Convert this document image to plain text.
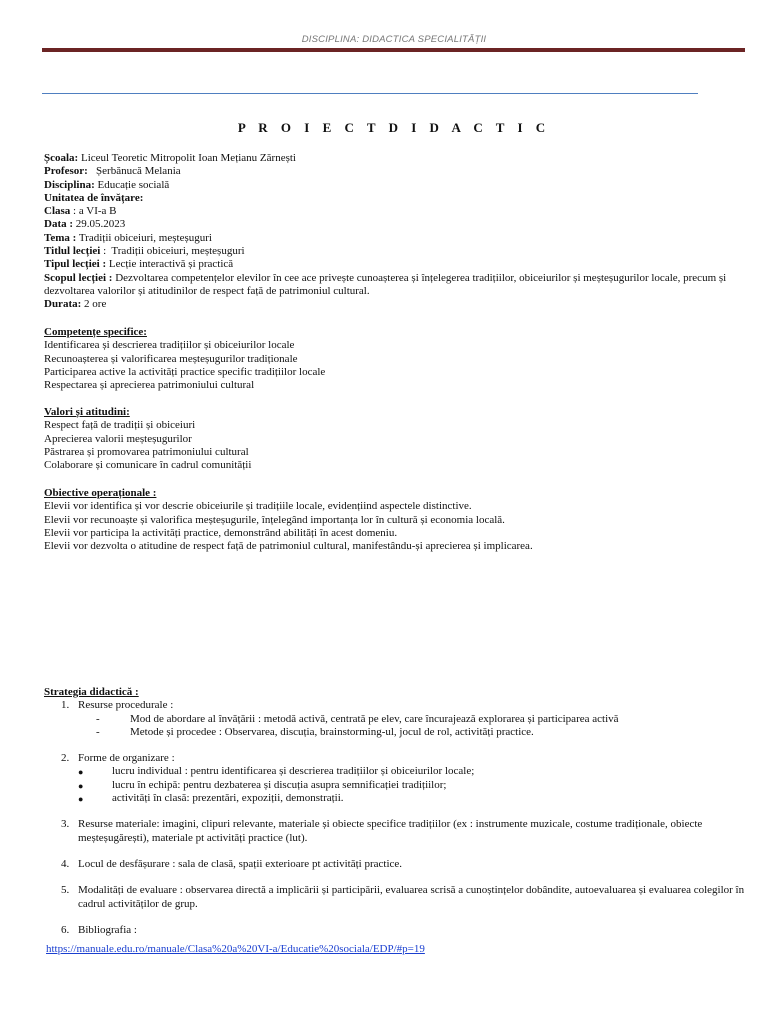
DISCIPLINA: DIDACTICA SPECIALITĂȚII
P R O I E C T D I D A C T I C
Școala: Liceul Teoretic Mitropolit Ioan Mețianu Zărnești
Profesor:   Șerbănucă Melania
Disciplina: Educație socială
Unitatea de învățare:
Clasa : a VI-a B
Data : 29.05.2023
Tema : Tradiții obiceiuri, meșteșuguri
Titlul lecției :  Tradiții obiceiuri, meșteșuguri
Tipul lecției : Lecție interactivă și practică
Scopul lecției : Dezvoltarea competențelor elevilor în cee ace privește cunoașterea și înțelegerea tradițiilor, obiceiurilor și meșteșugurilor locale, precum și dezvoltarea valorilor și atitudinilor de respect față de patrimoniul cultural.
Durata: 2 ore
Competențe specifice:
Identificarea și descrierea tradițiilor și obiceiurilor locale
Recunoașterea și valorificarea meșteșugurilor tradiționale
Participarea active la activități practice specific tradițiilor locale
Respectarea și aprecierea patrimoniului cultural
Valori și atitudini:
Respect față de tradiții și obiceiuri
Aprecierea valorii meșteșugurilor
Păstrarea și promovarea patrimoniului cultural
Colaborare și comunicare în cadrul comunității
Obiective operaționale :
Elevii vor identifica și vor descrie obiceiurile și tradițiile locale, evidențiind aspectele distinctive.
Elevii vor recunoaște și valorifica meșteșugurile, înțelegând importanța lor în cultură și economia locală.
Elevii vor participa la activități practice, demonstrând abilități în acest domeniu.
Elevii vor dezvolta o atitudine de respect față de patrimoniul cultural, manifestându-și aprecierea și implicarea.
Strategia didactică :
1. Resurse procedurale :
-	Mod de abordare al învățării : metodă activă, centrată pe elev, care încurajează explorarea și participarea activă
-	Metode și procedee : Observarea, discuția, brainstorming-ul, jocul de rol, activități practice.
2. Forme de organizare :
●	lucru individual : pentru identificarea și descrierea tradițiilor și obiceiurilor locale;
●	lucru în echipă: pentru dezbaterea și discuția asupra semnificației tradițiilor;
●	activități în clasă: prezentări, expoziții, demonstrații.
3. Resurse materiale: imagini, clipuri relevante, materiale și obiecte specifice tradițiilor (ex : instrumente muzicale, costume tradiționale, obiecte meșteșugărești), materiale pt activități practice (lut).
4. Locul de desfășurare : sala de clasă, spații exterioare pt activități practice.
5. Modalități de evaluare : observarea directă a implicării și participării, evaluarea scrisă a cunoștințelor dobândite, autoevaluarea și evaluarea colegilor în cadrul activităților de grup.
6. Bibliografia :
https://manuale.edu.ro/manuale/Clasa%20a%20VI-a/Educatie%20sociala/EDP/#p=19
